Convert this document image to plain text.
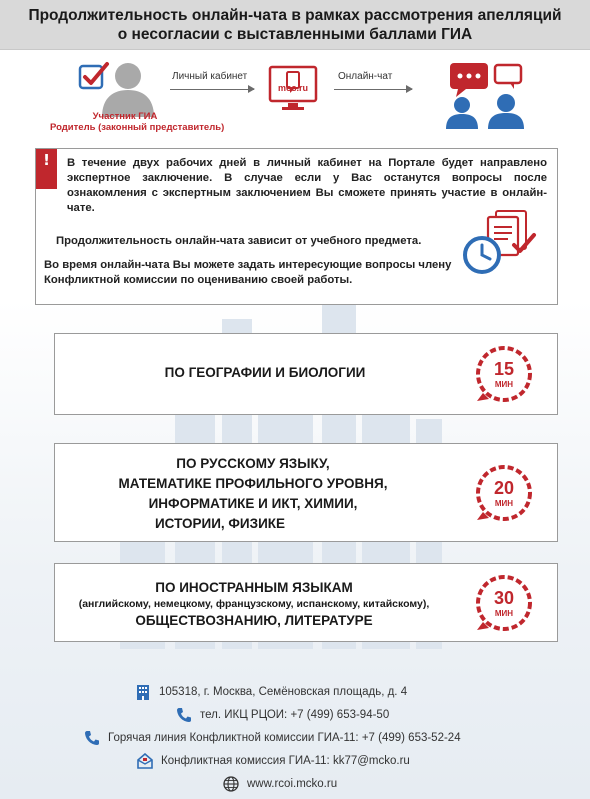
Продолжительность онлайн-чата в рамках рассмотрения апелляций
о несогласии с выставленными баллами ГИА
Участник ГИА
Родитель (законный представитель)
Личный кабинет
mos.ru
Онлайн-чат
!	В течение двух рабочих дней в личный кабинет на Портале будет направлено экспертное заключение. В случае если у Вас останутся вопросы после ознакомления с экспертным заключением Вы сможете принять участие в онлайн-чате.
Продолжительность онлайн-чата зависит от учебного предмета.
Во время онлайн-чата Вы можете задать интересующие вопросы члену Конфликтной комиссии по оцениванию своей работы.
ПО ГЕОГРАФИИ И БИОЛОГИИ	15
МИН
ПО РУССКОМУ ЯЗЫКУ,
МАТЕМАТИКЕ ПРОФИЛЬНОГО УРОВНЯ,
ИНФОРМАТИКЕ И ИКТ, ХИМИИ,
ИСТОРИИ, ФИЗИКЕ
20
МИН
ПО ИНОСТРАННЫМ ЯЗЫКАМ
(английскому, немецкому, французскому, испанскому, китайскому),
ОБЩЕСТВОЗНАНИЮ, ЛИТЕРАТУРЕ
30
МИН
105318, г. Москва, Семёновская площадь, д. 4
тел. ИКЦ РЦОИ: +7 (499) 653-94-50
Горячая линия Конфликтной комиссии ГИА-11: +7 (499) 653-52-24
Конфликтная комиссия ГИА-11: kk77@mcko.ru
www.rcoi.mcko.ru
